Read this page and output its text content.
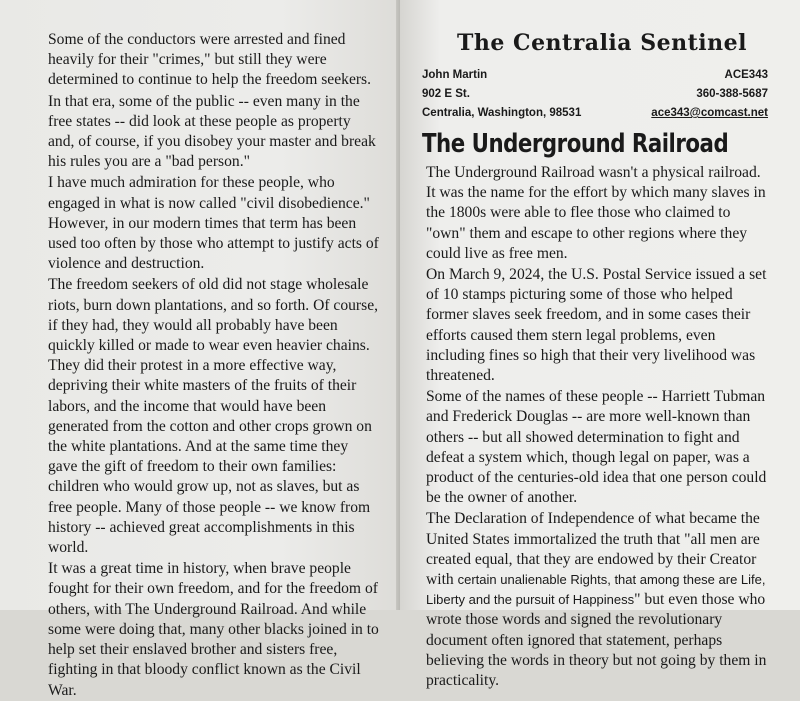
Some of the conductors were arrested and fined heavily for their "crimes," but still they were determined to continue to help the freedom seekers.

In that era, some of the public -- even many in the free states -- did look at these people as property and, of course, if you disobey your master and break his rules you are a "bad person."

I have much admiration for these people, who engaged in what is now called "civil disobedience." However, in our modern times that term has been used too often by those who attempt to justify acts of violence and destruction.

The freedom seekers of old did not stage wholesale riots, burn down plantations, and so forth. Of course, if they had, they would all probably have been quickly killed or made to wear even heavier chains. They did their protest in a more effective way, depriving their white masters of the fruits of their labors, and the income that would have been generated from the cotton and other crops grown on the white plantations. And at the same time they gave the gift of freedom to their own families: children who would grow up, not as slaves, but as free people. Many of those people -- we know from history -- achieved great accomplishments in this world.

It was a great time in history, when brave people fought for their own freedom, and for the freedom of others, with The Underground Railroad. And while some were doing that, many other blacks joined in to help set their enslaved brother and sisters free, fighting in that bloody conflict known as the Civil War.

The Centralia Sentinel
John Martin
902 E St.
Centralia, Washington, 98531
ACE343
360-388-5687
ace343@comcast.net
The Underground Railroad

The Underground Railroad wasn't a physical railroad. It was the name for the effort by which many slaves in the 1800s were able to flee those who claimed to "own" them and escape to other regions where they could live as free men.

On March 9, 2024, the U.S. Postal Service issued a set of 10 stamps picturing some of those who helped former slaves seek freedom, and in some cases their efforts caused them stern legal problems, even including fines so high that their very livelihood was threatened.

Some of the names of these people -- Harriett Tubman and Frederick Douglas -- are more well-known than others -- but all showed determination to fight and defeat a system which, though legal on paper, was a product of the centuries-old idea that one person could be the owner of another.

The Declaration of Independence of what became the United States immortalized the truth that "all men are created equal, that they are endowed by their Creator with certain unalienable Rights, that among these are Life, Liberty and the pursuit of Happiness" but even those who wrote those words and signed the revolutionary document often ignored that statement, perhaps believing the words in theory but not going by them in practicality.
